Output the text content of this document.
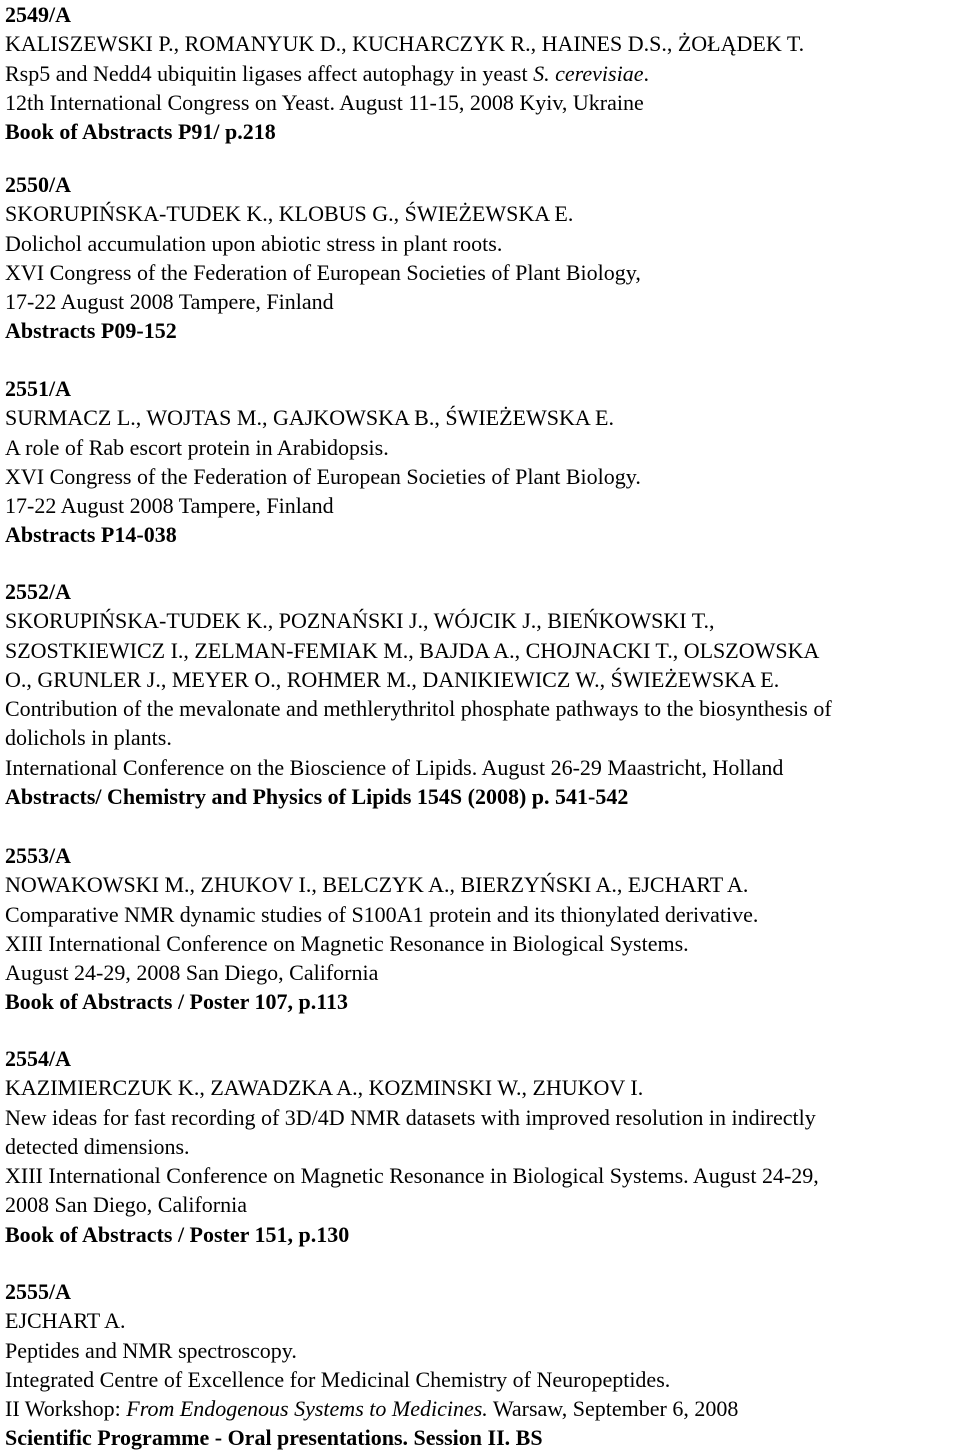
2549/A
KALISZEWSKI P., ROMANYUK D., KUCHARCZYK R., HAINES D.S., ŻOŁĄDEK T.
Rsp5 and Nedd4 ubiquitin ligases affect autophagy in yeast S. cerevisiae.
12th International Congress on Yeast. August 11-15, 2008 Kyiv, Ukraine
Book of Abstracts P91/ p.218
2550/A
SKORUPIŃSKA-TUDEK K., KLOBUS G., ŚWIEŻEWSKA E.
Dolichol accumulation upon abiotic stress in plant roots.
XVI Congress of the Federation of European Societies of Plant Biology,
17-22 August 2008 Tampere, Finland
Abstracts P09-152
2551/A
SURMACZ L., WOJTAS M., GAJKOWSKA B., ŚWIEŻEWSKA E.
A role of Rab escort protein in Arabidopsis.
XVI Congress of the Federation of European Societies of Plant Biology.
17-22 August 2008 Tampere, Finland
Abstracts P14-038
2552/A
SKORUPIŃSKA-TUDEK K., POZNAŃSKI J., WÓJCIK J., BIEŃKOWSKI T.,
SZOSTKIEWICZ I., ZELMAN-FEMIAK M., BAJDA A., CHOJNACKI T., OLSZOWSKA
O., GRUNLER J., MEYER O., ROHMER M., DANIKIEWICZ W., ŚWIEŻEWSKA E.
Contribution of the mevalonate and methlerythritol phosphate pathways to the biosynthesis of
dolichols in plants.
International Conference on the Bioscience of Lipids. August 26-29 Maastricht, Holland
Abstracts/ Chemistry and Physics of Lipids 154S (2008) p. 541-542
2553/A
NOWAKOWSKI M., ZHUKOV I., BELCZYK A., BIERZYŃSKI A., EJCHART A.
Comparative NMR dynamic studies of S100A1 protein and its thionylated derivative.
XIII International Conference on Magnetic Resonance in Biological Systems.
August 24-29, 2008 San Diego, California
Book of Abstracts / Poster 107, p.113
2554/A
KAZIMIERCZUK K., ZAWADZKA A., KOZMINSKI W., ZHUKOV I.
New ideas for fast recording of 3D/4D NMR datasets with improved resolution in indirectly
detected dimensions.
XIII International Conference on Magnetic Resonance in Biological Systems. August 24-29,
2008 San Diego, California
Book of Abstracts / Poster 151, p.130
2555/A
EJCHART A.
Peptides and NMR spectroscopy.
Integrated Centre of Excellence for Medicinal Chemistry of Neuropeptides.
II Workshop: From Endogenous Systems to Medicines. Warsaw, September 6, 2008
Scientific Programme - Oral presentations. Session II. BS
